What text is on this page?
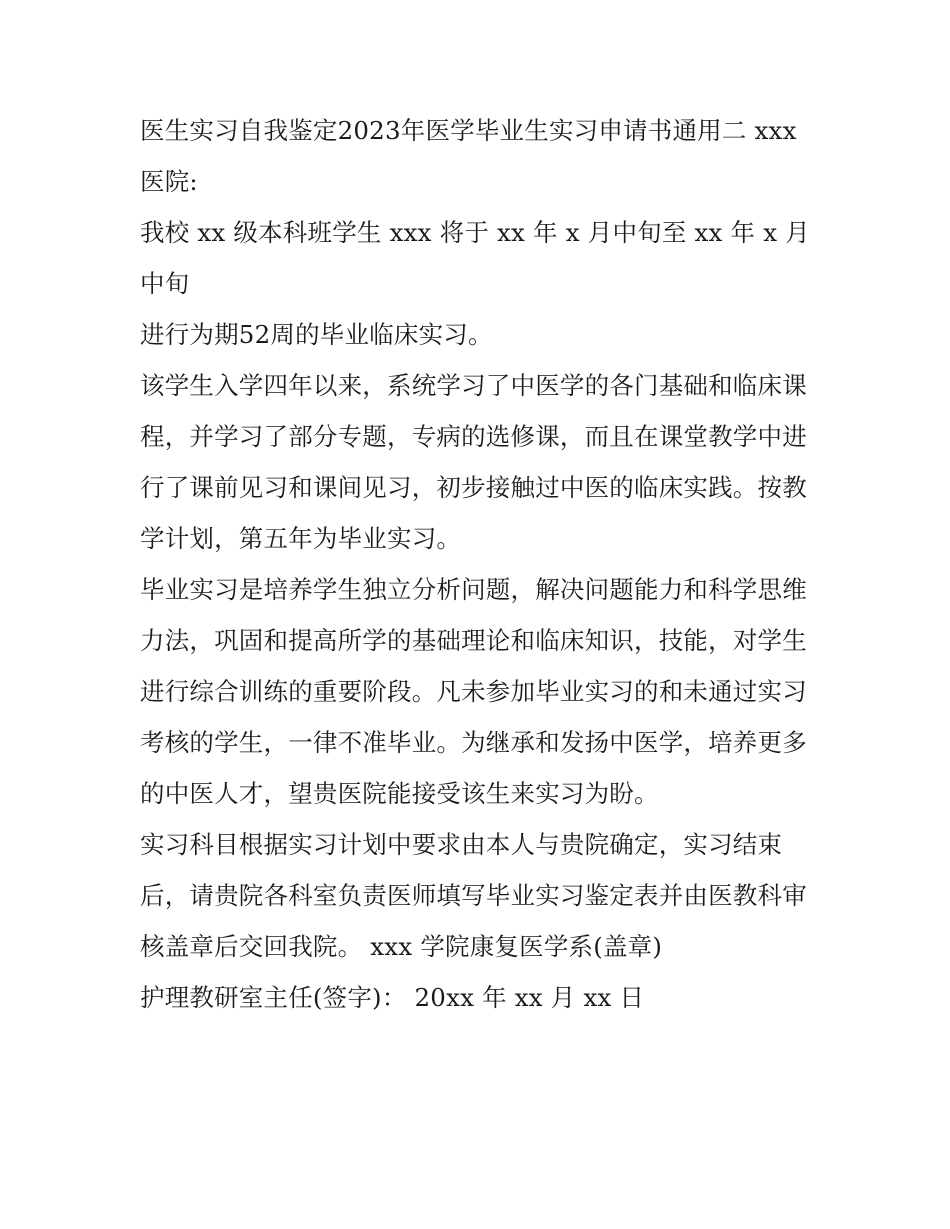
医生实习自我鉴定2023年医学毕业生实习申请书通用二 xxx
医院:

我校 xx 级本科班学生 xxx 将于 xx 年 x 月中旬至 xx 年 x 月中旬
进行为期52周的毕业临床实习。

该学生入学四年以来，系统学习了中医学的各门基础和临床课
程，并学习了部分专题，专病的选修课，而且在课堂教学中进
行了课前见习和课间见习，初步接触过中医的临床实践。按教
学计划，第五年为毕业实习。

毕业实习是培养学生独立分析问题，解决问题能力和科学思维
力法，巩固和提高所学的基础理论和临床知识，技能，对学生
进行综合训练的重要阶段。凡未参加毕业实习的和未通过实习
考核的学生，一律不准毕业。为继承和发扬中医学，培养更多
的中医人才，望贵医院能接受该生来实习为盼。

实习科目根据实习计划中要求由本人与贵院确定，实习结束
后，请贵院各科室负责医师填写毕业实习鉴定表并由医教科审
核盖章后交回我院。 xxx 学院康复医学系(盖章)

护理教研室主任(签字)： 20xx 年 xx 月 xx 日
